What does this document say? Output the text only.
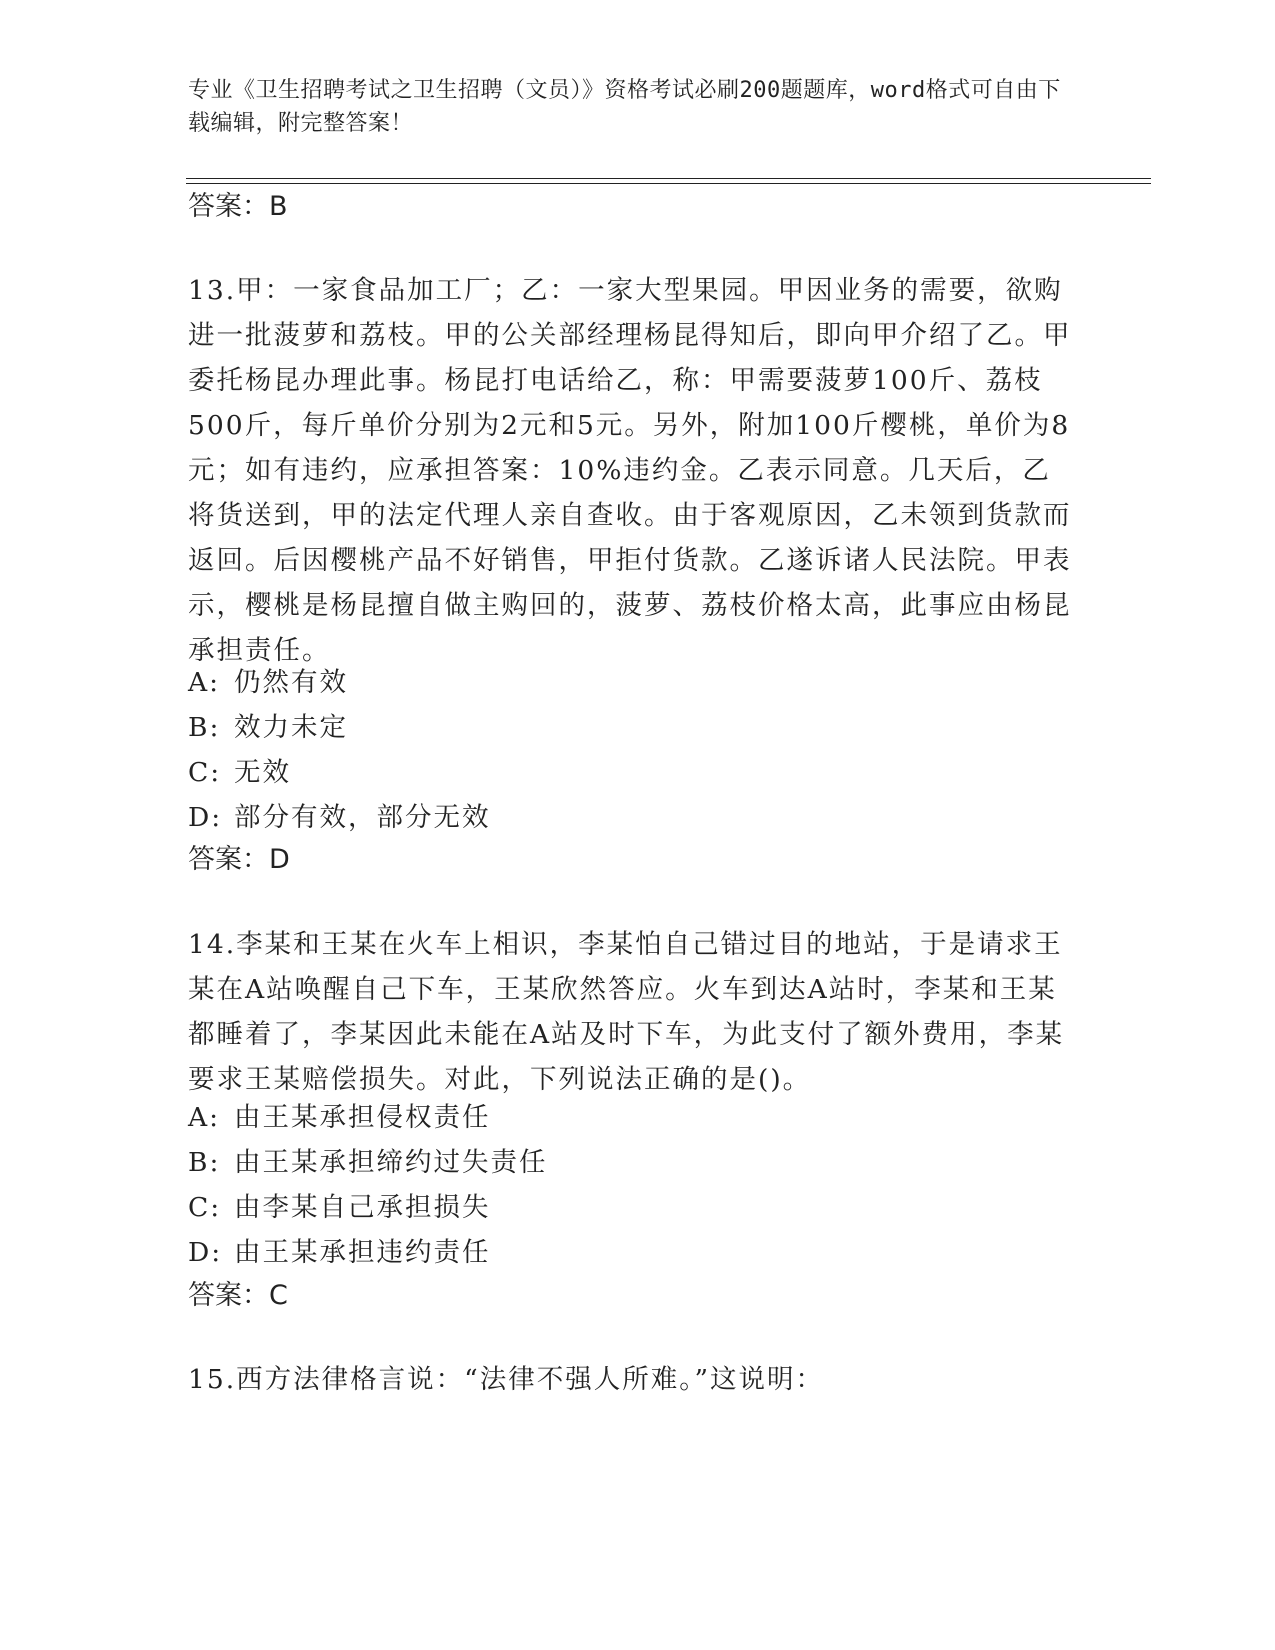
专业《卫生招聘考试之卫生招聘（文员）》资格考试必刷200题题库，word格式可自由下载编辑，附完整答案！
答案：B
13.甲：一家食品加工厂；乙：一家大型果园。甲因业务的需要，欲购进一批菠萝和荔枝。甲的公关部经理杨昆得知后，即向甲介绍了乙。甲委托杨昆办理此事。杨昆打电话给乙，称：甲需要菠萝100斤、荔枝500斤，每斤单价分别为2元和5元。另外，附加100斤樱桃，单价为8元；如有违约，应承担答案：10%违约金。乙表示同意。几天后，乙将货送到，甲的法定代理人亲自查收。由于客观原因，乙未领到货款而返回。后因樱桃产品不好销售，甲拒付货款。乙遂诉诸人民法院。甲表示，樱桃是杨昆擅自做主购回的，菠萝、荔枝价格太高，此事应由杨昆承担责任。
A: 仍然有效
B: 效力未定
C: 无效
D: 部分有效，部分无效
答案：D
14.李某和王某在火车上相识，李某怕自己错过目的地站，于是请求王某在A站唤醒自己下车，王某欣然答应。火车到达A站时，李某和王某都睡着了，李某因此未能在A站及时下车，为此支付了额外费用，李某要求王某赔偿损失。对此，下列说法正确的是()。
A: 由王某承担侵权责任
B: 由王某承担缔约过失责任
C: 由李某自己承担损失
D: 由王某承担违约责任
答案：C
15.西方法律格言说：“法律不强人所难。”这说明：
